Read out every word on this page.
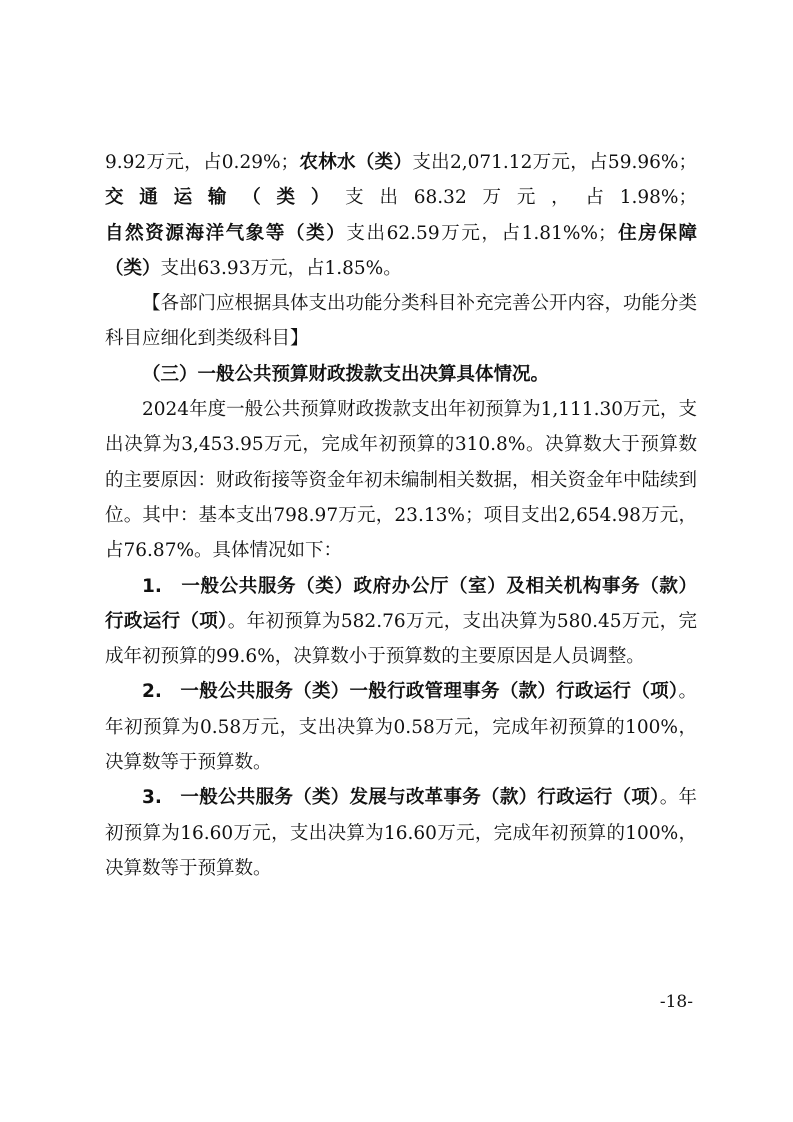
9.92万元，占0.29%；农林水（类）支出2,071.12万元，占59.96%；交通运输（类）支出68.32万元，占1.98%；自然资源海洋气象等（类）支出62.59万元，占1.81%%；住房保障（类）支出63.93万元，占1.85%。

【各部门应根据具体支出功能分类科目补充完善公开内容，功能分类科目应细化到类级科目】

（三）一般公共预算财政拨款支出决算具体情况。

2024年度一般公共预算财政拨款支出年初预算为1,111.30万元，支出决算为3,453.95万元，完成年初预算的310.8%。决算数大于预算数的主要原因：财政衔接等资金年初未编制相关数据，相关资金年中陆续到位。其中：基本支出798.97万元，23.13%；项目支出2,654.98万元，占76.87%。具体情况如下：

1. 一般公共服务（类）政府办公厅（室）及相关机构事务（款）行政运行（项）。年初预算为582.76万元，支出决算为580.45万元，完成年初预算的99.6%，决算数小于预算数的主要原因是人员调整。

2. 一般公共服务（类）一般行政管理事务（款）行政运行（项）。年初预算为0.58万元，支出决算为0.58万元，完成年初预算的100%，决算数等于预算数。

3. 一般公共服务（类）发展与改革事务（款）行政运行（项）。年初预算为16.60万元，支出决算为16.60万元，完成年初预算的100%，决算数等于预算数。

-18-
